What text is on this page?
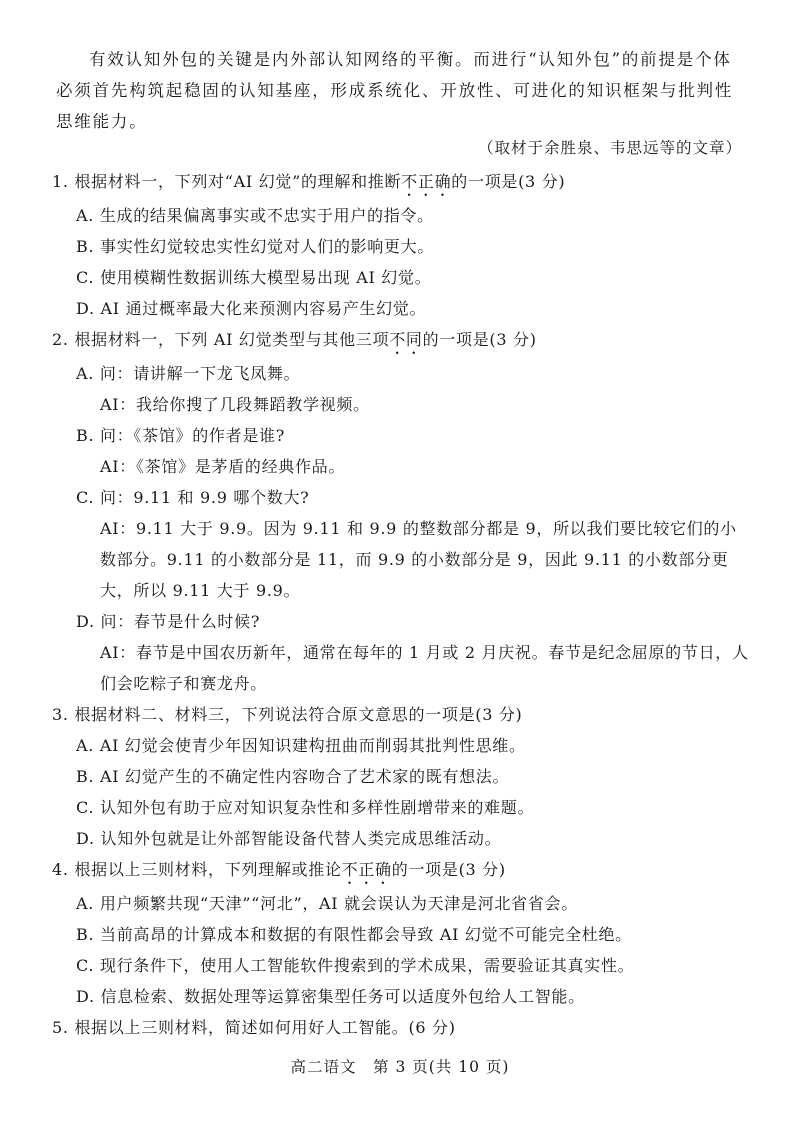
有效认知外包的关键是内外部认知网络的平衡。而进行“认知外包”的前提是个体必须首先构筑起稳固的认知基座，形成系统化、开放性、可进化的知识框架与批判性思维能力。

（取材于余胜泉、韦思远等的文章）
1. 根据材料一，下列对“AI 幻觉”的理解和推断不正确的一项是(3 分)
A. 生成的结果偏离事实或不忠实于用户的指令。
B. 事实性幻觉较忠实性幻觉对人们的影响更大。
C. 使用模糊性数据训练大模型易出现 AI 幻觉。
D. AI 通过概率最大化来预测内容易产生幻觉。
2. 根据材料一，下列 AI 幻觉类型与其他三项不同的一项是(3 分)
A. 问：请讲解一下龙飞凤舞。
AI：我给你搜了几段舞蹈教学视频。
B. 问：《茶馆》的作者是谁?
AI：《茶馆》是茅盾的经典作品。
C. 问：9.11 和 9.9 哪个数大?
AI：9.11 大于 9.9。因为 9.11 和 9.9 的整数部分都是 9，所以我们要比较它们的小数部分。9.11 的小数部分是 11，而 9.9 的小数部分是 9，因此 9.11 的小数部分更大，所以 9.11 大于 9.9。
D. 问：春节是什么时候?
AI：春节是中国农历新年，通常在每年的 1 月或 2 月庆祝。春节是纪念屈原的节日，人们会吃粽子和赛龙舟。
3. 根据材料二、材料三，下列说法符合原文意思的一项是(3 分)
A. AI 幻觉会使青少年因知识建构扭曲而削弱其批判性思维。
B. AI 幻觉产生的不确定性内容吻合了艺术家的既有想法。
C. 认知外包有助于应对知识复杂性和多样性剧增带来的难题。
D. 认知外包就是让外部智能设备代替人类完成思维活动。
4. 根据以上三则材料，下列理解或推论不正确的一项是(3 分)
A. 用户频繁共现“天津”“河北”，AI 就会误认为天津是河北省省会。
B. 当前高昂的计算成本和数据的有限性都会导致 AI 幻觉不可能完全杜绝。
C. 现行条件下，使用人工智能软件搜索到的学术成果，需要验证其真实性。
D. 信息检索、数据处理等运算密集型任务可以适度外包给人工智能。
5. 根据以上三则材料，简述如何用好人工智能。(6 分)
高二语文　第 3 页(共 10 页)
